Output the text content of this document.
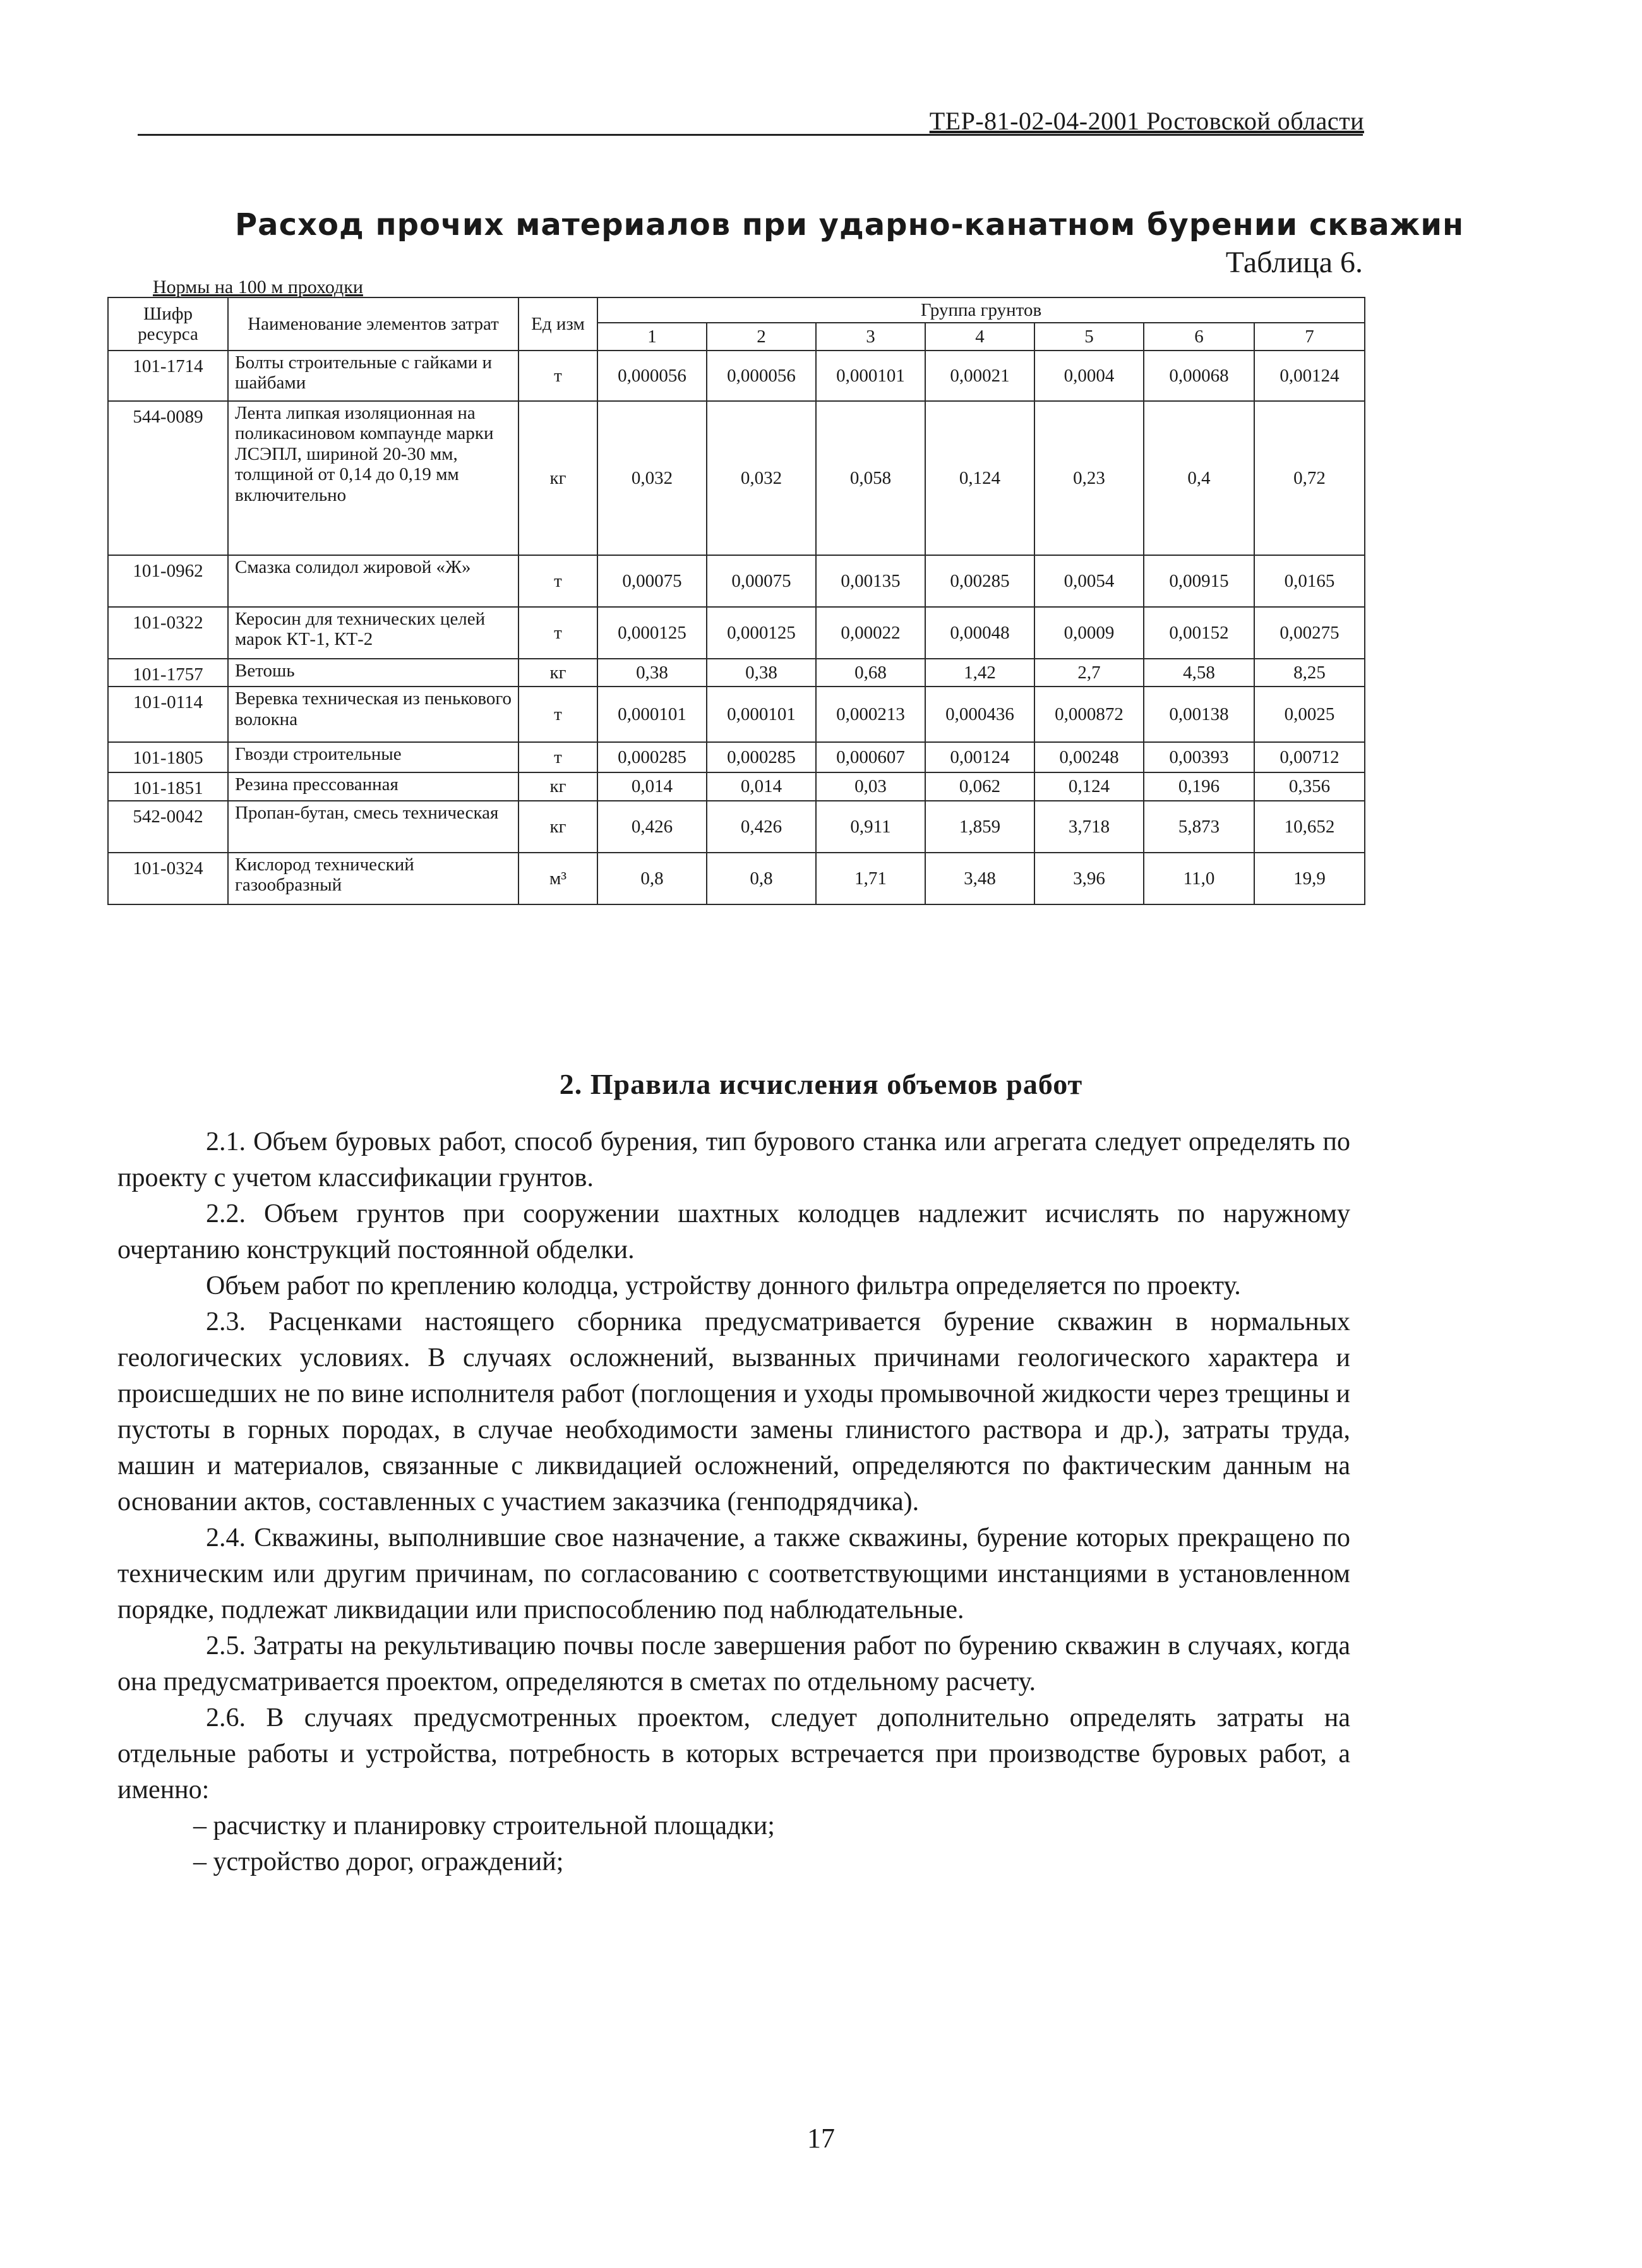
ТЕР-81-02-04-2001 Ростовской области
Расход прочих материалов при ударно-канатном бурении скважин
Таблица 6.
Нормы на 100 м проходки
Шифр ресурса	Наименование элементов затрат	Ед изм	Группа грунтов						
			1	2	3	4	5	6	7
101-1714	Болты строительные с гайками и шайбами	т	0,000056	0,000056	0,000101	0,00021	0,0004	0,00068	0,00124
544-0089	Лента липкая изоляционная на поликасиновом компаунде марки ЛСЭПЛ, шириной 20-30 мм, толщиной от 0,14 до 0,19 мм включительно	кг	0,032	0,032	0,058	0,124	0,23	0,4	0,72
101-0962	Смазка солидол жировой «Ж»	т	0,00075	0,00075	0,00135	0,00285	0,0054	0,00915	0,0165
101-0322	Керосин для технических целей марок КТ-1, КТ-2	т	0,000125	0,000125	0,00022	0,00048	0,0009	0,00152	0,00275
101-1757	Ветошь	кг	0,38	0,38	0,68	1,42	2,7	4,58	8,25
101-0114	Веревка техническая из пенькового волокна	т	0,000101	0,000101	0,000213	0,000436	0,000872	0,00138	0,0025
101-1805	Гвозди строительные	т	0,000285	0,000285	0,000607	0,00124	0,00248	0,00393	0,00712
101-1851	Резина прессованная	кг	0,014	0,014	0,03	0,062	0,124	0,196	0,356
542-0042	Пропан-бутан, смесь техническая	кг	0,426	0,426	0,911	1,859	3,718	5,873	10,652
101-0324	Кислород технический газообразный	м³	0,8	0,8	1,71	3,48	3,96	11,0	19,9
2. Правила исчисления объемов работ

2.1. Объем буровых работ, способ бурения, тип бурового станка или агрегата следует определять по проекту с учетом классификации грунтов.

2.2. Объем грунтов при сооружении шахтных колодцев надлежит исчислять по наружному очертанию конструкций постоянной обделки.

Объем работ по креплению колодца, устройству донного фильтра определяется по проекту.

2.3. Расценками настоящего сборника предусматривается бурение скважин в нормальных геологических условиях. В случаях осложнений, вызванных причинами геологического характера и происшедших не по вине исполнителя работ (поглощения и уходы промывочной жидкости через трещины и пустоты в горных породах, в случае необходимости замены глинистого раствора и др.), затраты труда, машин и материалов, связанные с ликвидацией осложнений, определяются по фактическим данным на основании актов, составленных с участием заказчика (генподрядчика).

2.4. Скважины, выполнившие свое назначение, а также скважины, бурение которых прекращено по техническим или другим причинам, по согласованию с соответствующими инстанциями в установленном порядке, подлежат ликвидации или приспособлению под наблюдательные.

2.5. Затраты на рекультивацию почвы после завершения работ по бурению скважин в случаях, когда она предусматривается проектом, определяются в сметах по отдельному расчету.

2.6. В случаях предусмотренных проектом, следует дополнительно определять затраты на отдельные работы и устройства, потребность в которых встречается при производстве буровых работ, а именно:

– расчистку и планировку строительной площадки;

– устройство дорог, ограждений;

17
